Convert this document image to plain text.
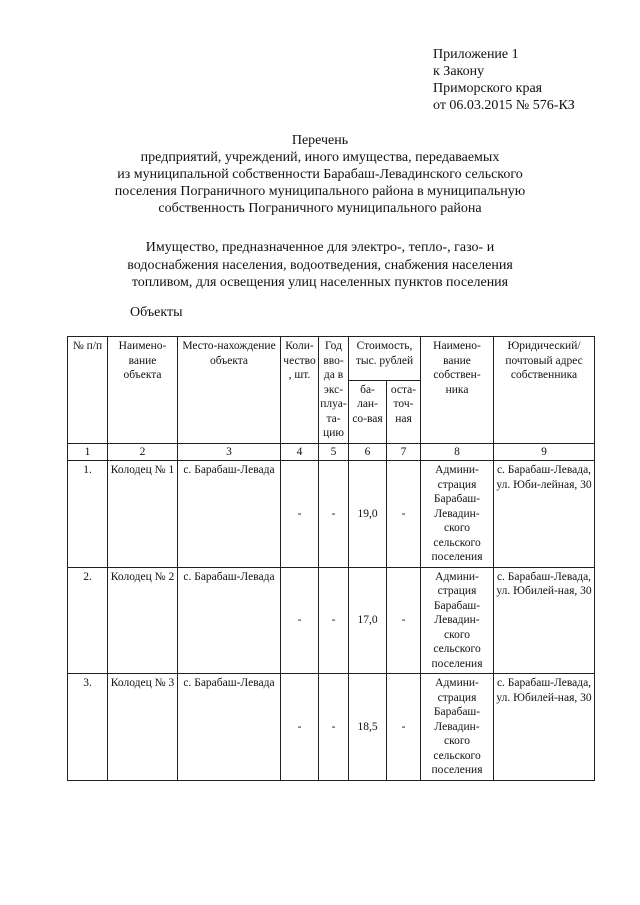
Приложение 1
к Закону
Приморского края
от 06.03.2015 № 576-КЗ
Перечень
предприятий, учреждений, иного имущества, передаваемых
из муниципальной собственности Барабаш-Левадинского сельского
поселения Пограничного муниципального района в муниципальную
собственность Пограничного муниципального района
Имущество, предназначенное для электро-, тепло-, газо- и
водоснабжения населения, водоотведения, снабжения населения
топливом, для освещения улиц населенных пунктов поселения
Объекты
№ п/п	Наимено-вание объекта	Место-нахождение объекта	Коли-чество, шт.	Год вво-да в экс-плуа-та-цию	Стоимость, тыс. рублей		Наимено-вание собствен-ника	Юридический/ почтовый адрес собственника
					ба-лан-со-вая	оста-точ-ная		
1	2	3	4	5	6	7	8	9
1.	Колодец № 1	с. Барабаш-Левада	-	-	19,0	-	Админи-страция Барабаш-Левадин-ского сельского поселения	с. Барабаш-Левада, ул. Юби-лейная, 30
2.	Колодец № 2	с. Барабаш-Левада	-	-	17,0	-	Админи-страция Барабаш-Левадин-ского сельского поселения	с. Барабаш-Левада, ул. Юбилей-ная, 30
3.	Колодец № 3	с. Барабаш-Левада	-	-	18,5	-	Админи-страция Барабаш-Левадин-ского сельского поселения	с. Барабаш-Левада, ул. Юбилей-ная, 30
